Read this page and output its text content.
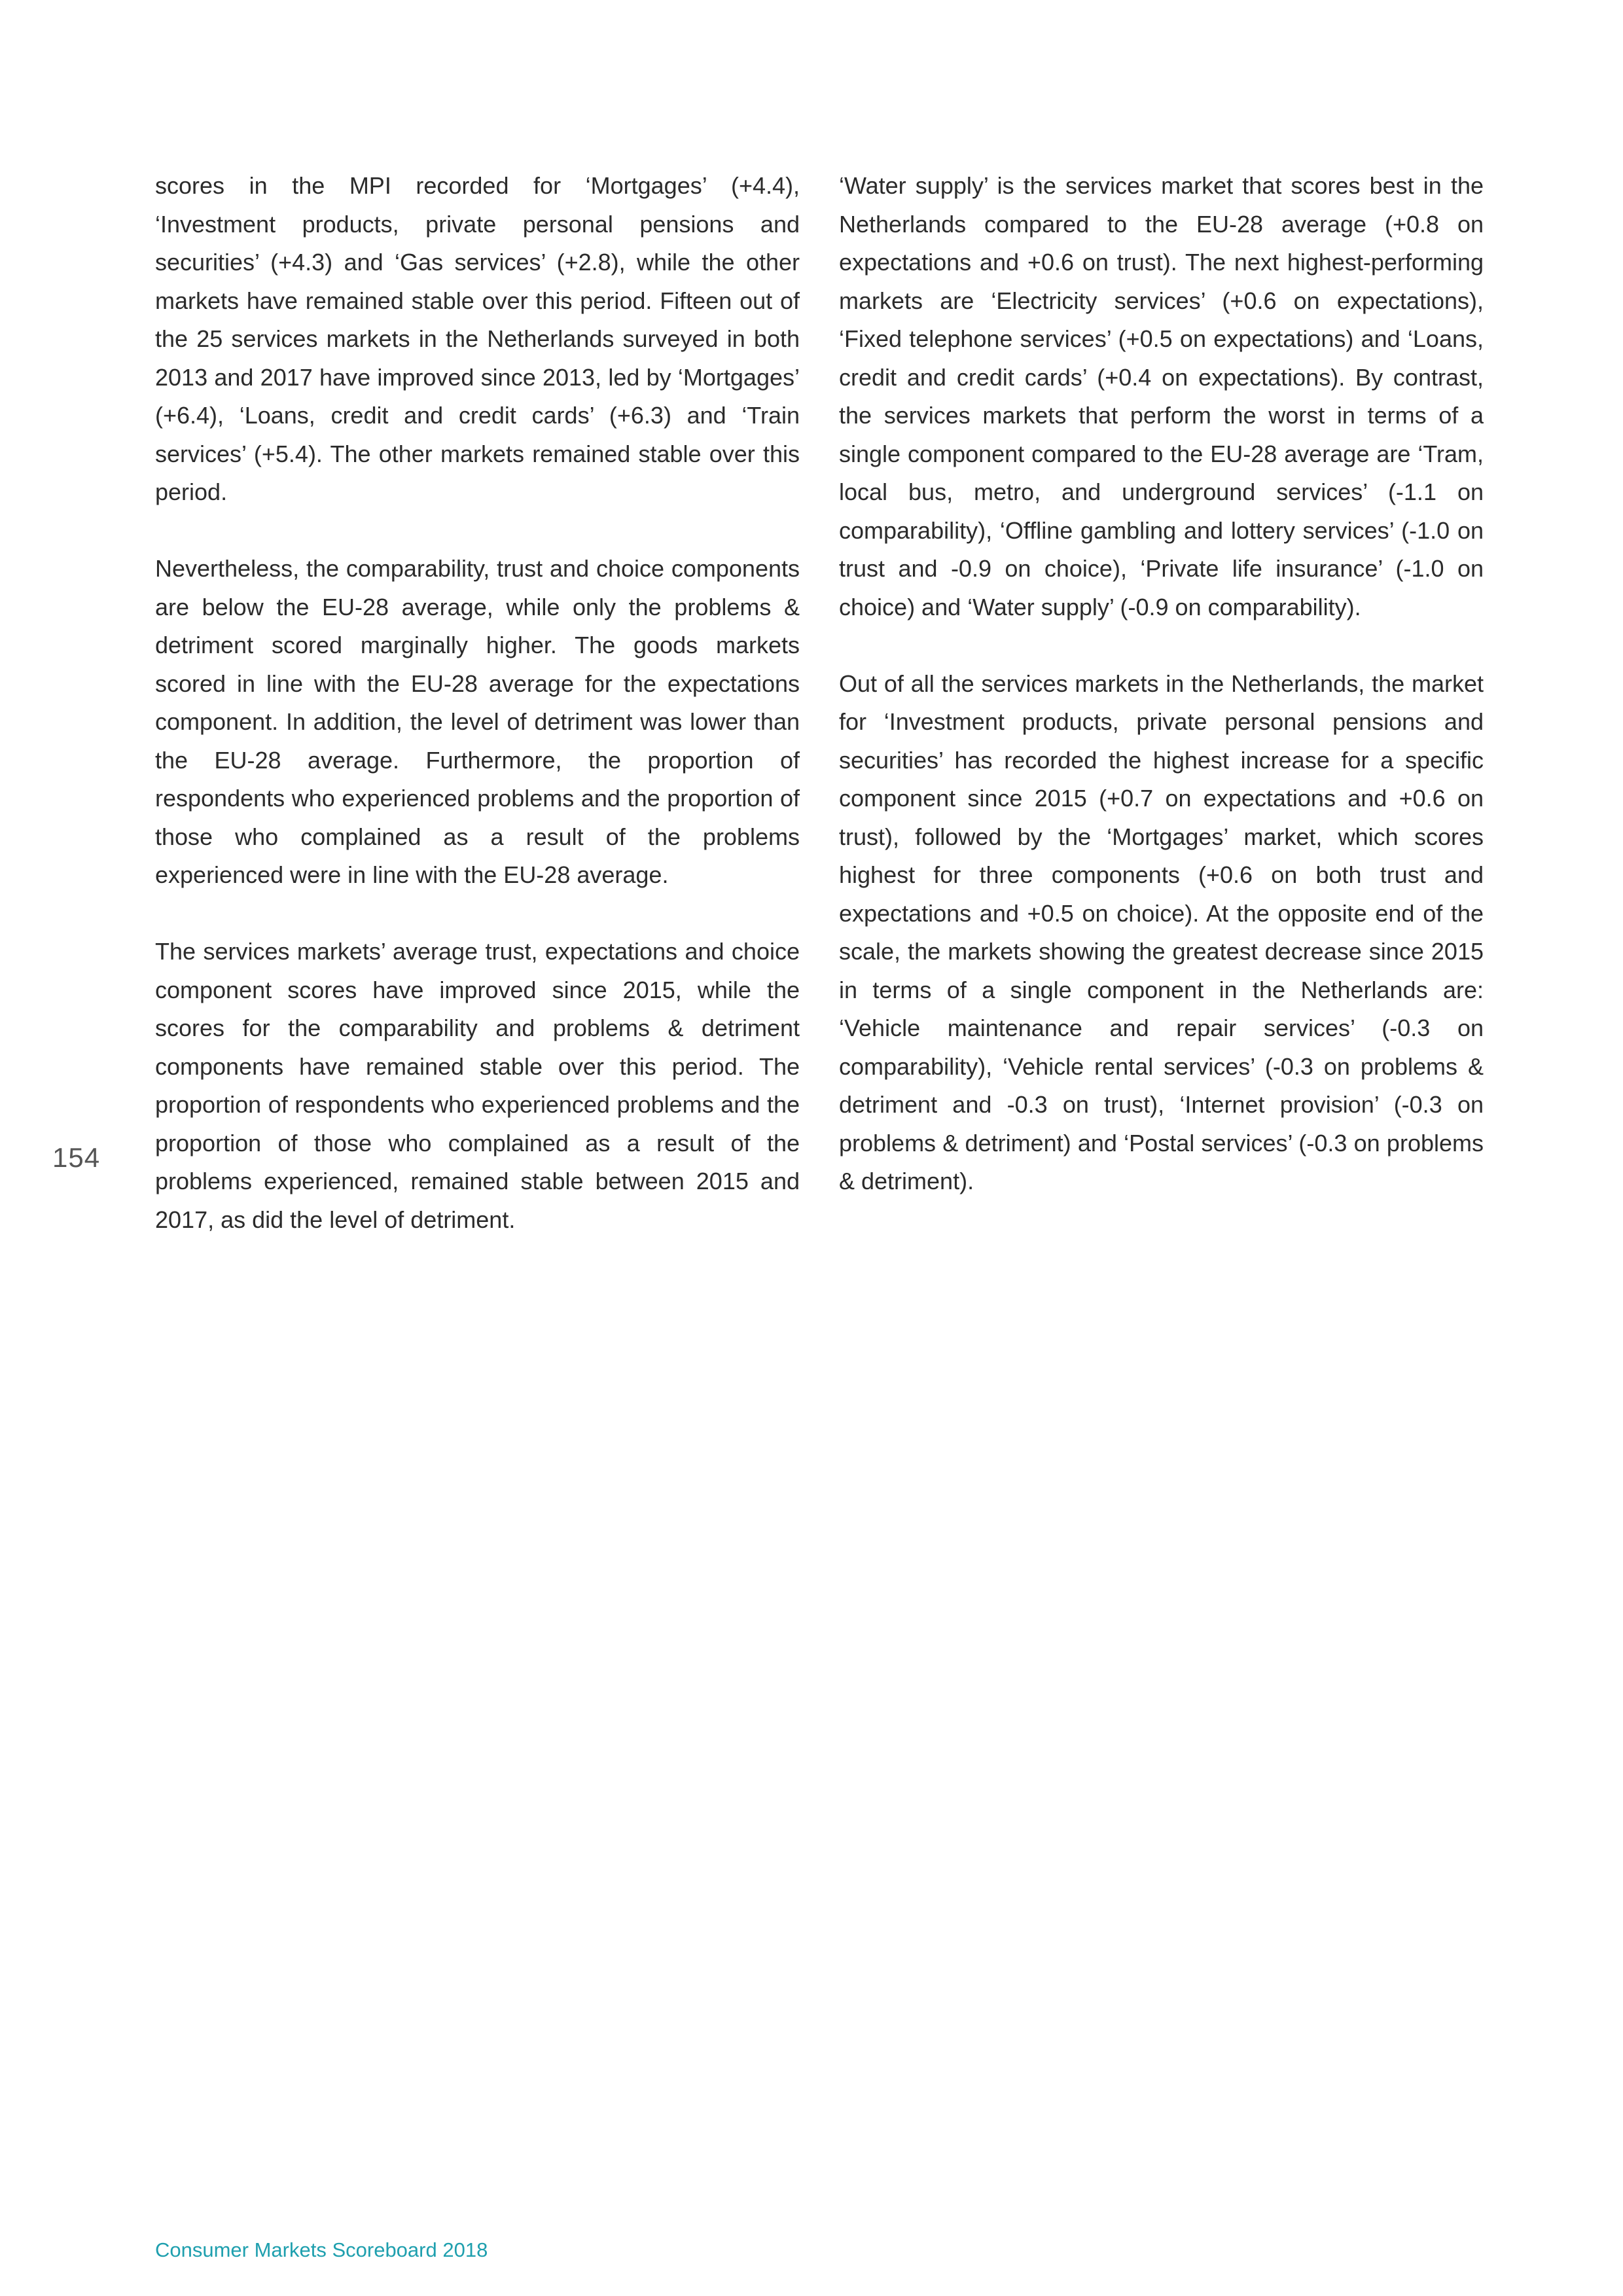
scores in the MPI recorded for ‘Mortgages’ (+4.4), ‘Investment products, private personal pensions and securities’ (+4.3) and ‘Gas services’ (+2.8), while the other markets have remained stable over this period. Fifteen out of the 25 services markets in the Netherlands surveyed in both 2013 and 2017 have improved since 2013, led by ‘Mortgages’ (+6.4), ‘Loans, credit and credit cards’ (+6.3) and ‘Train services’ (+5.4). The other markets remained stable over this period.

Nevertheless, the comparability, trust and choice components are below the EU-28 average, while only the problems & detriment scored marginally higher. The goods markets scored in line with the EU-28 average for the expectations component. In addition, the level of detriment was lower than the EU-28 average. Furthermore, the proportion of respondents who experienced problems and the proportion of those who complained as a result of the problems experienced were in line with the EU-28 average.

The services markets’ average trust, expectations and choice component scores have improved since 2015, while the scores for the comparability and problems & detriment components have remained stable over this period. The proportion of respondents who experienced problems and the proportion of those who complained as a result of the problems experienced, remained stable between 2015 and 2017, as did the level of detriment.

‘Water supply’ is the services market that scores best in the Netherlands compared to the EU-28 average (+0.8 on expectations and +0.6 on trust). The next highest-performing markets are ‘Electricity services’ (+0.6 on expectations), ‘Fixed telephone services’ (+0.5 on expectations) and ‘Loans, credit and credit cards’ (+0.4 on expectations). By contrast, the services markets that perform the worst in terms of a single component compared to the EU-28 average are ‘Tram, local bus, metro, and underground services’ (-1.1 on comparability), ‘Offline gambling and lottery services’ (-1.0 on trust and -0.9 on choice), ‘Private life insurance’ (-1.0 on choice) and ‘Water supply’ (-0.9 on comparability).

Out of all the services markets in the Netherlands, the market for ‘Investment products, private personal pensions and securities’ has recorded the highest increase for a specific component since 2015 (+0.7 on expectations and +0.6 on trust), followed by the ‘Mortgages’ market, which scores highest for three components (+0.6 on both trust and expectations and +0.5 on choice). At the opposite end of the scale, the markets showing the greatest decrease since 2015 in terms of a single component in the Netherlands are: ‘Vehicle maintenance and repair services’ (-0.3 on comparability), ‘Vehicle rental services’ (-0.3 on problems & detriment and -0.3 on trust), ‘Internet provision’ (-0.3 on problems & detriment) and ‘Postal services’ (-0.3 on problems & detriment).

154
Consumer Markets Scoreboard 2018
